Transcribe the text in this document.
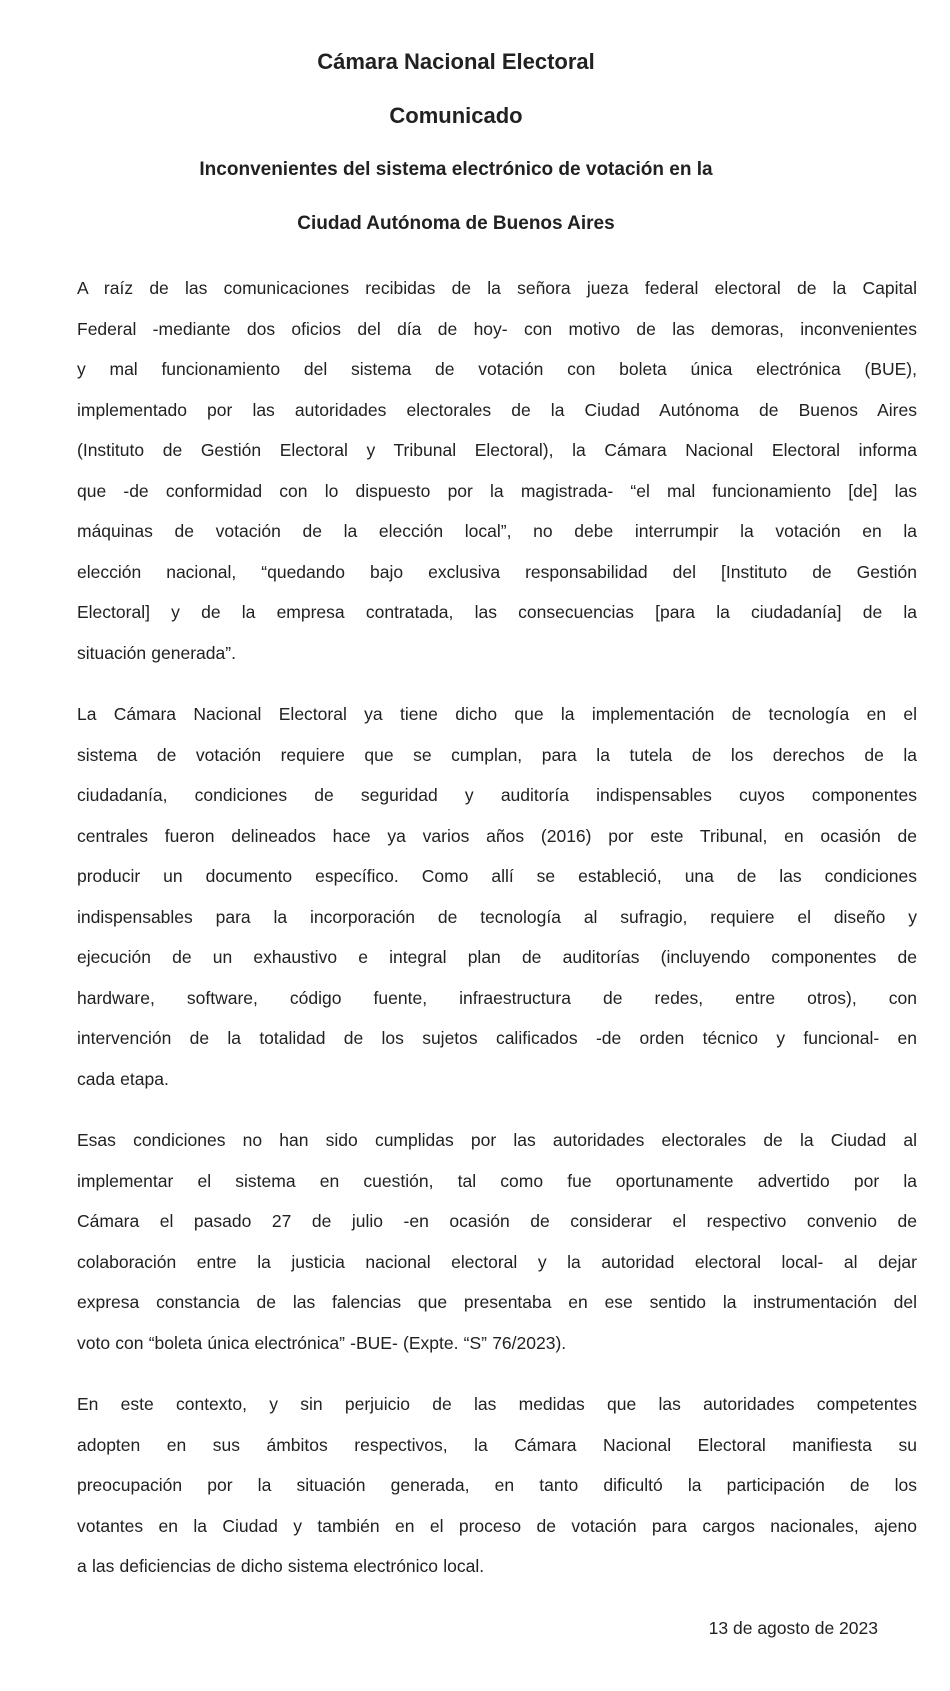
Cámara Nacional Electoral
Comunicado
Inconvenientes del sistema electrónico de votación en la
Ciudad Autónoma de Buenos Aires
A raíz de las comunicaciones recibidas de la señora jueza federal electoral de la Capital
Federal -mediante dos oficios del día de hoy- con motivo de las demoras, inconvenientes
y mal funcionamiento del sistema de votación con boleta única electrónica (BUE),
implementado por las autoridades electorales de la Ciudad Autónoma de Buenos Aires
(Instituto de Gestión Electoral y Tribunal Electoral), la Cámara Nacional Electoral informa
que -de conformidad con lo dispuesto por la magistrada- “el mal funcionamiento [de] las
máquinas de votación de la elección local”, no debe interrumpir la votación en la
elección nacional, “quedando bajo exclusiva responsabilidad del [Instituto de Gestión
Electoral] y de la empresa contratada, las consecuencias [para la ciudadanía] de la
situación generada”.
La Cámara Nacional Electoral ya tiene dicho que la implementación de tecnología en el
sistema de votación requiere que se cumplan, para la tutela de los derechos de la
ciudadanía, condiciones de seguridad y auditoría indispensables cuyos componentes
centrales fueron delineados hace ya varios años (2016) por este Tribunal, en ocasión de
producir un documento específico. Como allí se estableció, una de las condiciones
indispensables para la incorporación de tecnología al sufragio, requiere el diseño y
ejecución de un exhaustivo e integral plan de auditorías (incluyendo componentes de
hardware, software, código fuente, infraestructura de redes, entre otros), con
intervención de la totalidad de los sujetos calificados -de orden técnico y funcional- en
cada etapa.
Esas condiciones no han sido cumplidas por las autoridades electorales de la Ciudad al
implementar el sistema en cuestión, tal como fue oportunamente advertido por la
Cámara el pasado 27 de julio -en ocasión de considerar el respectivo convenio de
colaboración entre la justicia nacional electoral y la autoridad electoral local- al dejar
expresa constancia de las falencias que presentaba en ese sentido la instrumentación del
voto con “boleta única electrónica” -BUE- (Expte. “S” 76/2023).
En este contexto, y sin perjuicio de las medidas que las autoridades competentes
adopten en sus ámbitos respectivos, la Cámara Nacional Electoral manifiesta su
preocupación por la situación generada, en tanto dificultó la participación de los
votantes en la Ciudad y también en el proceso de votación para cargos nacionales, ajeno
a las deficiencias de dicho sistema electrónico local.
13 de agosto de 2023
